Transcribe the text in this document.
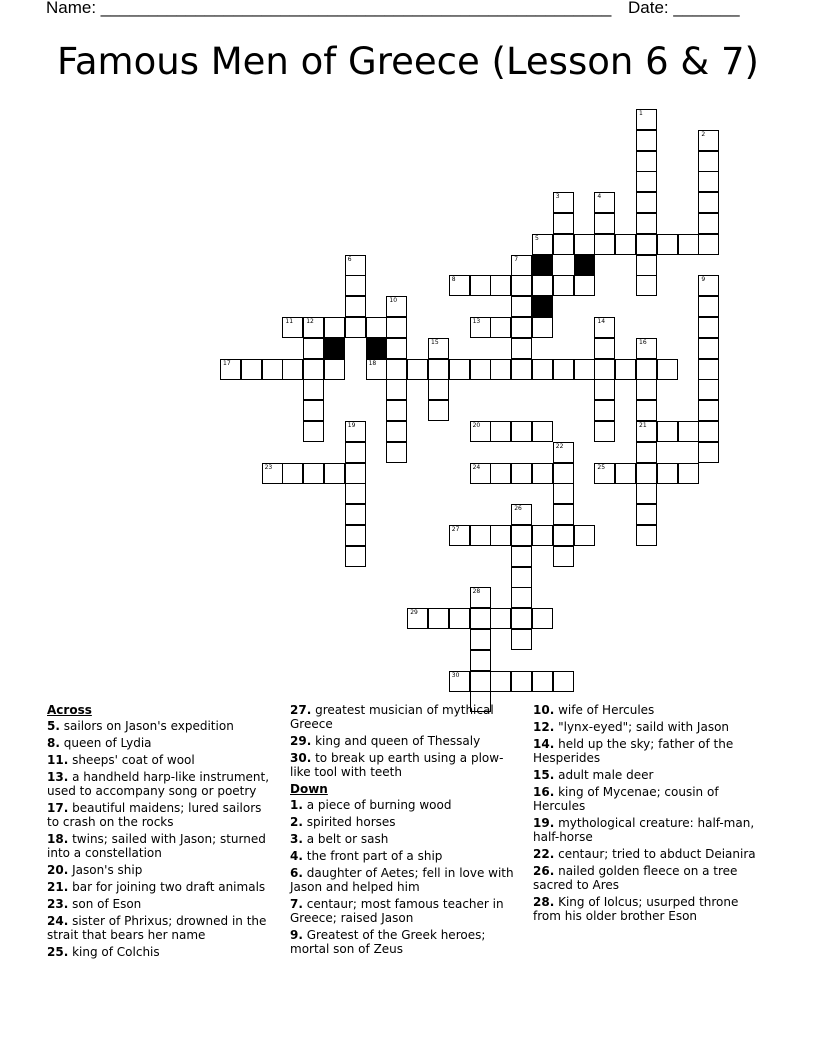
Name: ______________________________________________________ Date: _______
Famous Men of Greece (Lesson 6 & 7)
5
8
11 12	13
17	18
20	21
23	24	25
27
29
30
1
2
3	4
6	7
9
10
14
15	16
19
22
26
28
Across
5. sailors on Jason's expedition
8. queen of Lydia
11. sheeps' coat of wool
13. a handheld harp-like instrument, used to accompany song or poetry
17. beautiful maidens; lured sailors to crash on the rocks
18. twins; sailed with Jason; sturned into a constellation
20. Jason's ship
21. bar for joining two draft animals
23. son of Eson
24. sister of Phrixus; drowned in the strait that bears her name
25. king of Colchis
27. greatest musician of mythical Greece
29. king and queen of Thessaly
30. to break up earth using a plow-like tool with teeth
Down
1. a piece of burning wood
2. spirited horses
3. a belt or sash
4. the front part of a ship
6. daughter of Aetes; fell in love with Jason and helped him
7. centaur; most famous teacher in Greece; raised Jason
9. Greatest of the Greek heroes; mortal son of Zeus
10. wife of Hercules
12. "lynx-eyed"; saild with Jason
14. held up the sky; father of the Hesperides
15. adult male deer
16. king of Mycenae; cousin of Hercules
19. mythological creature: half-man, half-horse
22. centaur; tried to abduct Deianira
26. nailed golden fleece on a tree sacred to Ares
28. King of Iolcus; usurped throne from his older brother Eson
